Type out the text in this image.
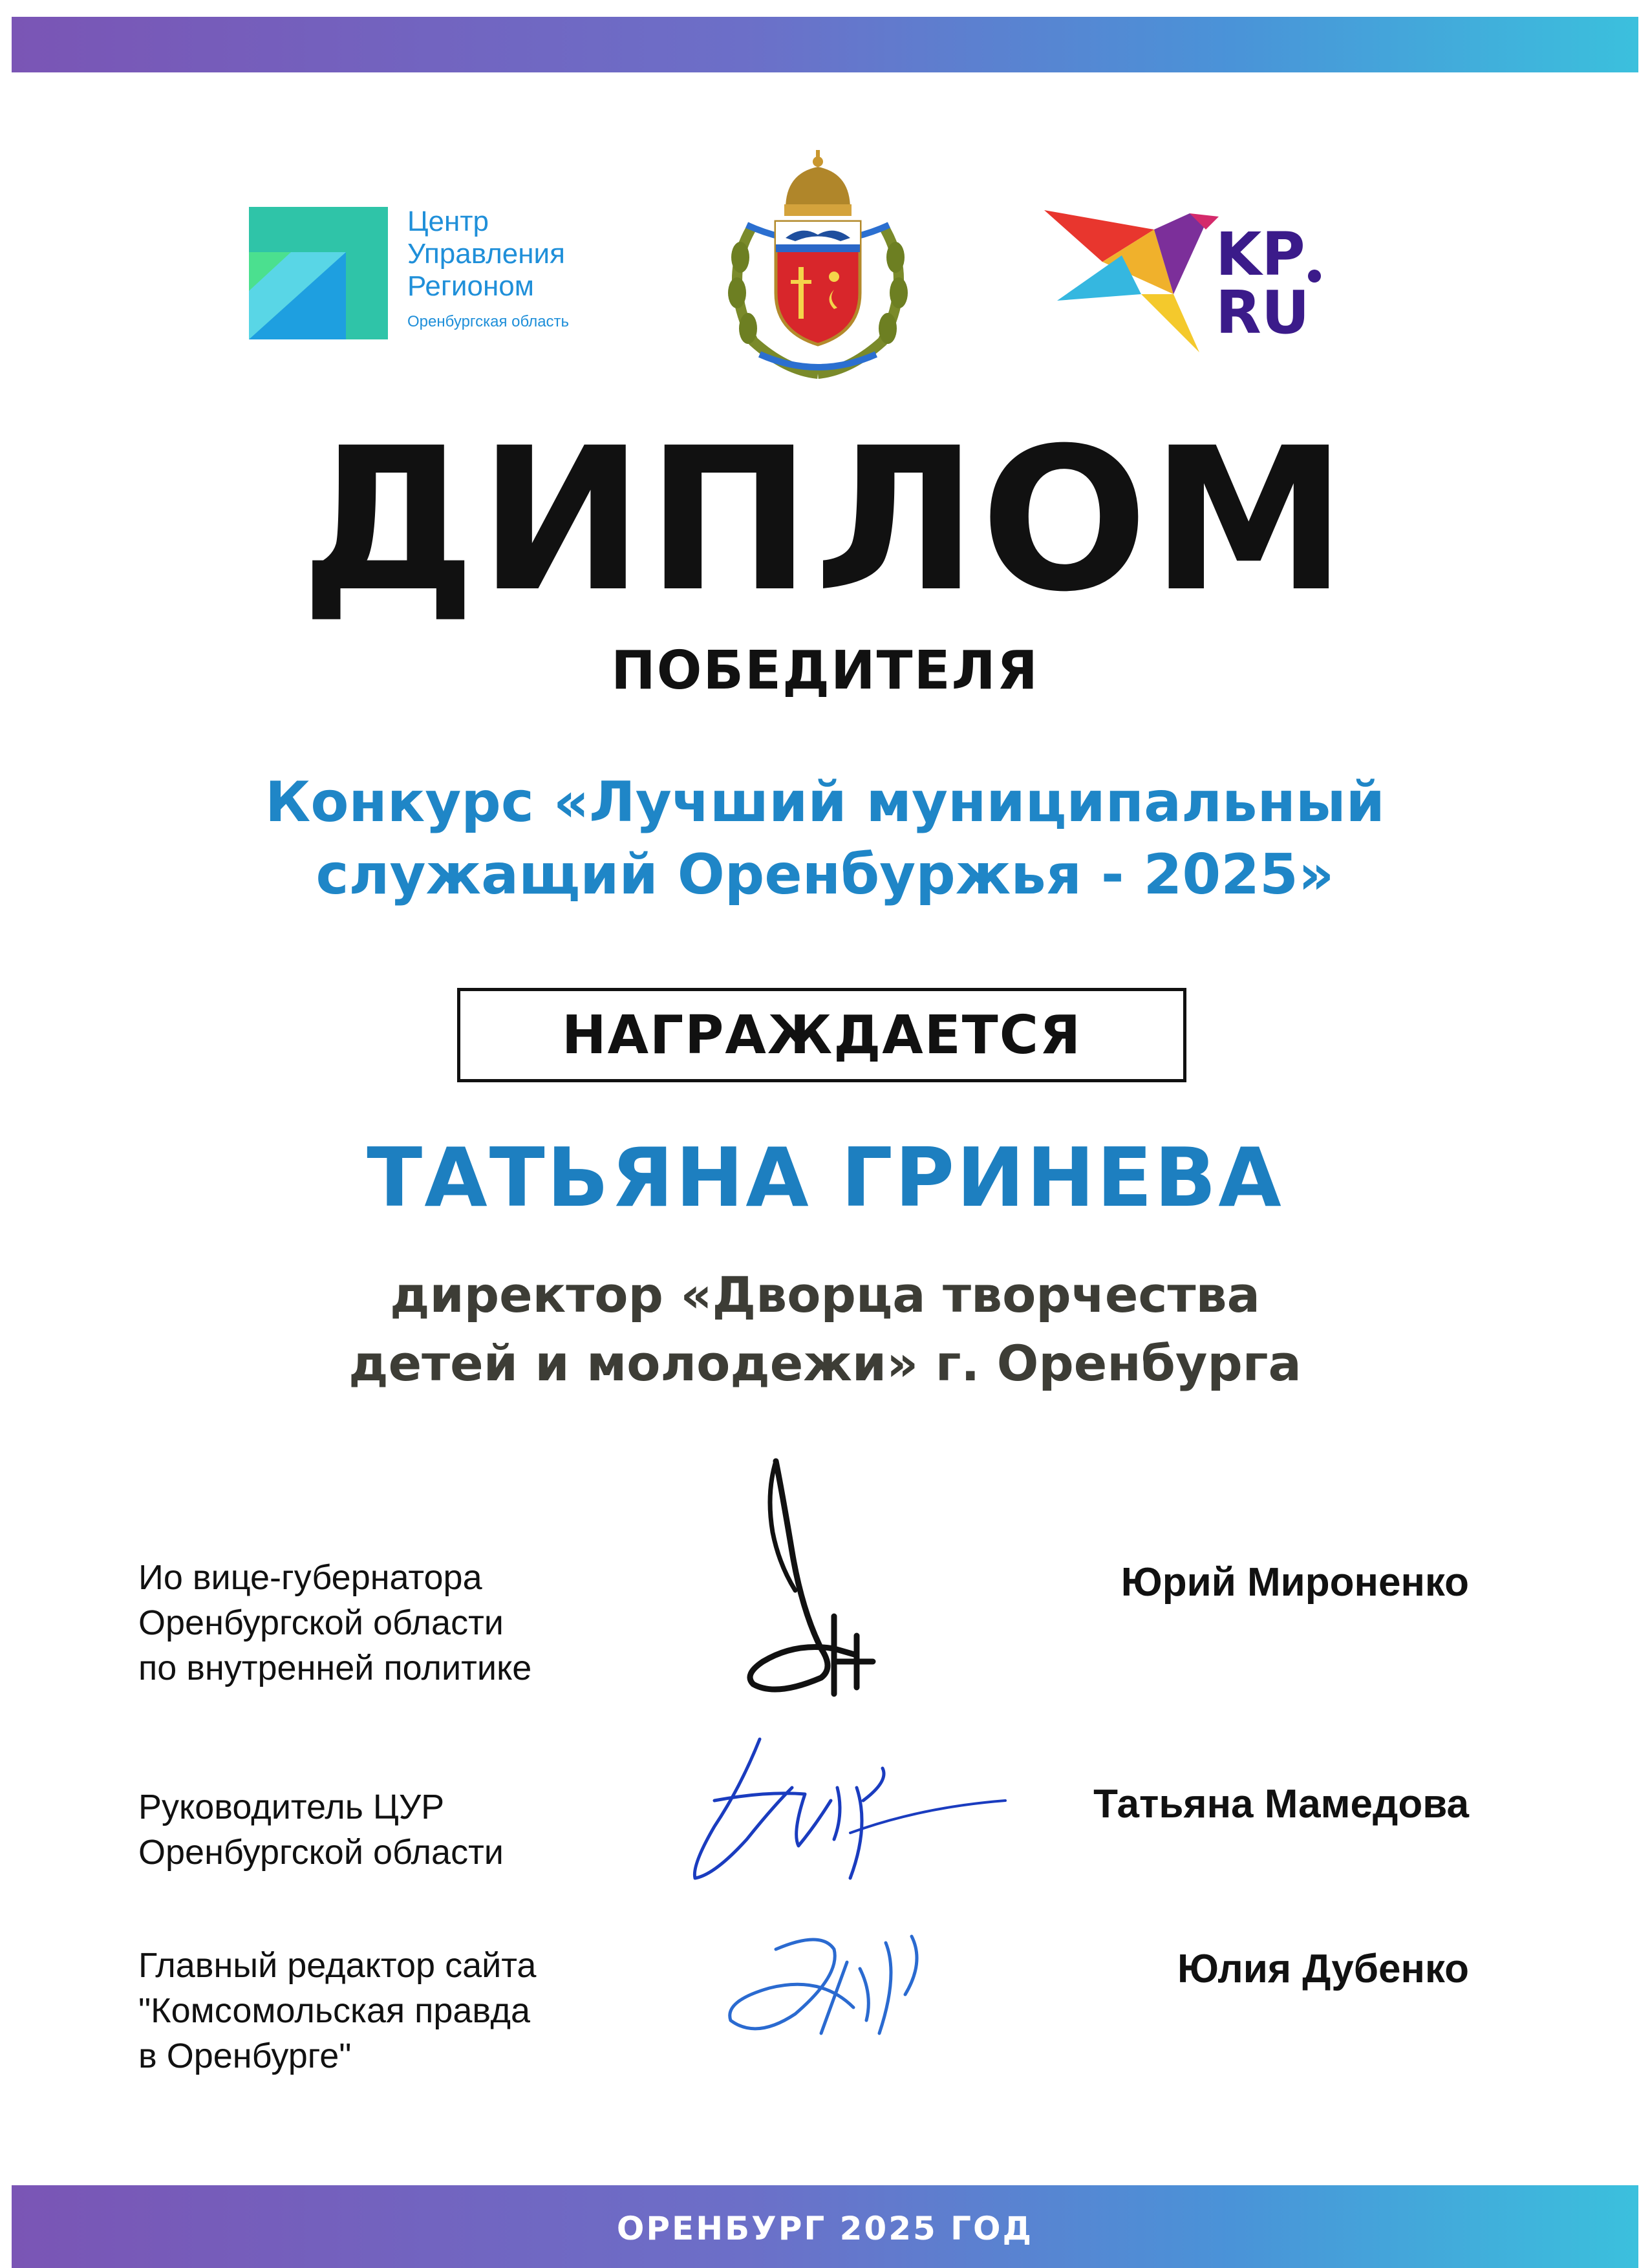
Центр
Управления
Регионом
Оренбургская область
KP
RU
ДИПЛОМ
ПОБЕДИТЕЛЯ
Конкурс «Лучший муниципальный
служащий Оренбуржья - 2025»
НАГРАЖДАЕТСЯ
ТАТЬЯНА ГРИНЕВА
директор «Дворца творчества
детей и молодежи» г. Оренбурга
Ио вице-губернатора
Оренбургской области
по внутренней политике
Юрий Мироненко
Руководитель ЦУР
Оренбургской области
Татьяна Мамедова
Главный редактор сайта
"Комсомольская правда
в Оренбурге"
Юлия Дубенко
ОРЕНБУРГ 2025 ГОД
